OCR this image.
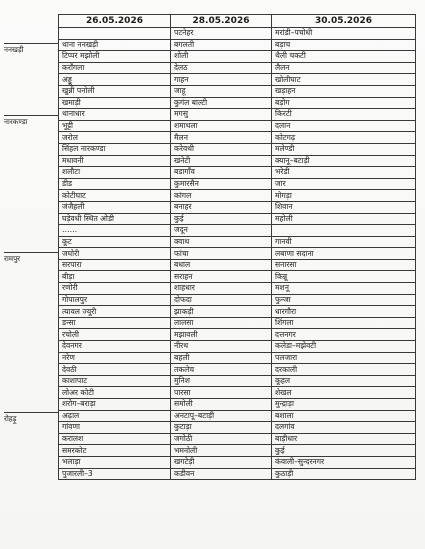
ननखड़ी
नारकण्डा
रामपुर
रोहड़ू
26.05.2026	28.05.2026	30.05.2026
	पटनेहर	मरांडी–पचोधी
थाना ननखड़ी	बगलती	बड़ाच
टिप्पर मझोली	शोली	थैली चकटी
कराँगला	देलठ	लैलन
अड्डू	गाहन	खोलीघाट
खुन्नी पनोली	जाहू	खड़ाहन
खमाड़ी	कुगंल बाल्टी	बड़ोग
थानाधार	मगसु	किरटी
भुट्टी	शमाथला	दलान
जरोल	मैलन	कोटगढ़
सिंहल नारकण्डा	करेवथी	मलेण्डी
मधावनी	खनेटी	क्यानू–बटाड़ी
शलौटा	बडागाँव	भरेडी
डीड	कुमारसैन	जार
कोटीघाट	कांगल	मोगड़ा
जंजैहली	बनाहर	शिवान
घड़ेवधी स्थित ओडी	कुई	महोली
……	जदून	
कूट	क्वाथ	गानवी
जघोरी	फांचा	लबाणा सदाना
सरपारा	बधाल	सनारसा
बीड़ा	सराहन	किन्नू
रणोरी	शाहधार	मशनू
गोपालपुर	दोफदा	फुन्जा
त्यावल ज्यूरी	झाकड़ी	धारगौरा
डन्सा	लालसा	शिंगला
रचोली	मझावली	दत्तनगर
देवनगर	नीरथ	कलेडा–मझेवटी
नरेण	बहली	पलजारा
देवठी	तकलेच	दरकाली
काशापाट	मुनिश	कूहल
लोअर कोटी	पारसा	शेखल
शरोग–बराड़ा	समोली	मुन्द्राड़ा
अढ़ाल	अनटापू–बटाड़ी	बशाला
गांवणा	कुटाड़ा	दलगांव
करालश	जगोठी	बाड़ीधार
समरकोट	भमनोली	कुई
भलाड़ा	खगटेड़ी	कंवाली–सुन्दरनगर
पुजारली–3	कडीवन	कुठाड़ी
